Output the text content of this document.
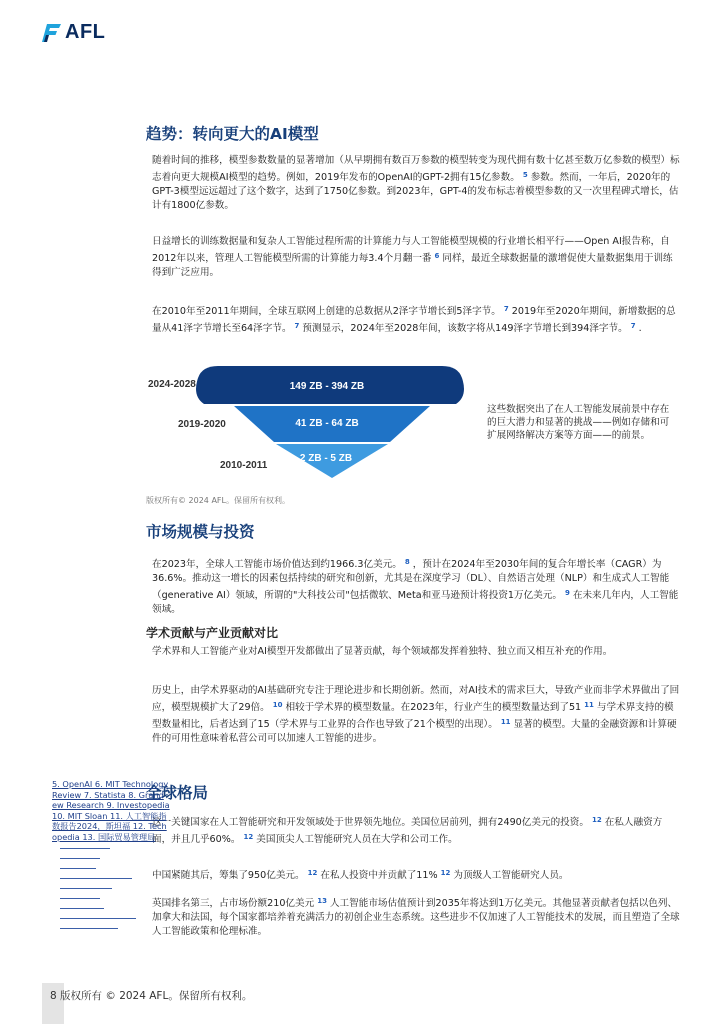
AFL
趋势：转向更大的AI模型
随着时间的推移，模型参数数量的显著增加（从早期拥有数百万参数的模型转变为现代拥有数十亿甚至数万亿参数的模型）标志着向更大规模AI模型的趋势。例如，2019年发布的OpenAI的GPT-2拥有15亿参数。 $^5$ 参数。然而，一年后，2020年的GPT-3模型远远超过了这个数字，达到了1750亿参数。到2023年，GPT-4的发布标志着模型参数的又一次里程碑式增长，估计有1800亿参数。
日益增长的训练数据量和复杂人工智能过程所需的计算能力与人工智能模型规模的行业增长相平行——Open AI报告称，自2012年以来，管理人工智能模型所需的计算能力每3.4个月翻一番 $^6$ 同样，最近全球数据量的激增促使大量数据集用于训练得到广泛应用。
在2010年至2011年期间，全球互联网上创建的总数据从2泽字节增长到5泽字节。 $^7$ 2019年至2020年期间，新增数据的总量从41泽字节增长至64泽字节。 $^7$ 预测显示，2024年至2028年间，该数字将从149泽字节增长到394泽字节。 $^7$ .
2024-2028
2019-2020
2010-2011
149 ZB - 394 ZB
41 ZB - 64 ZB
2 ZB - 5 ZB
这些数据突出了在人工智能发展前景中存在的巨大潜力和显著的挑战——例如存储和可扩展网络解决方案等方面——的前景。
版权所有© 2024 AFL。保留所有权利。
市场规模与投资
在2023年，全球人工智能市场价值达到约1966.3亿美元。 $^8$ ，预计在2024年至2030年间的复合年增长率（CAGR）为36.6%。推动这一增长的因素包括持续的研究和创新，尤其是在深度学习（DL）、自然语言处理（NLP）和生成式人工智能（generative AI）领域，所谓的"大科技公司"包括微软、Meta和亚马逊预计将投资1万亿美元。 $^9$ 在未来几年内，人工智能领域。
学术贡献与产业贡献对比
学术界和人工智能产业对AI模型开发都做出了显著贡献，每个领域都发挥着独特、独立而又相互补充的作用。
历史上，由学术界驱动的AI基础研究专注于理论进步和长期创新。然而，对AI技术的需求巨大，导致产业而非学术界做出了回应，模型规模扩大了29倍。 $^{10}$ 相较于学术界的模型数量。在2023年，行业产生的模型数量达到了51 $^{11}$ 与学术界支持的模型数量相比，后者达到了15（学术界与工业界的合作也导致了21个模型的出现）。 $^{11}$ 显著的模型。大量的金融资源和计算硬件的可用性意味着私营公司可以加速人工智能的进步。
全球格局
这一关键国家在人工智能研究和开发领域处于世界领先地位。美国位居前列，拥有2490亿美元的投资。 $^{12}$ 在私人融资方面，并且几乎60%。 $^{12}$ 美国顶尖人工智能研究人员在大学和公司工作。
中国紧随其后，筹集了950亿美元。 $^{12}$ 在私人投资中并贡献了11% $^{12}$ 为顶级人工智能研究人员。
英国排名第三，占市场份额210亿美元 $^{13}$ 人工智能市场估值预计到2035年将达到1万亿美元。其他显著贡献者包括以色列、加拿大和法国，每个国家都培养着充满活力的初创企业生态系统。这些进步不仅加速了人工智能技术的发展，而且塑造了全球人工智能政策和伦理标准。
5. OpenAI 6. MIT Technology
Review 7. Statista 8. Grand
ew Research 9. Investopedia
10. MIT Sloan 11. 人工智能指
数报告2024，斯坦福 12. Tech
opedia 13. 国际贸易管理局
8 版权所有 © 2024 AFL。保留所有权利。
